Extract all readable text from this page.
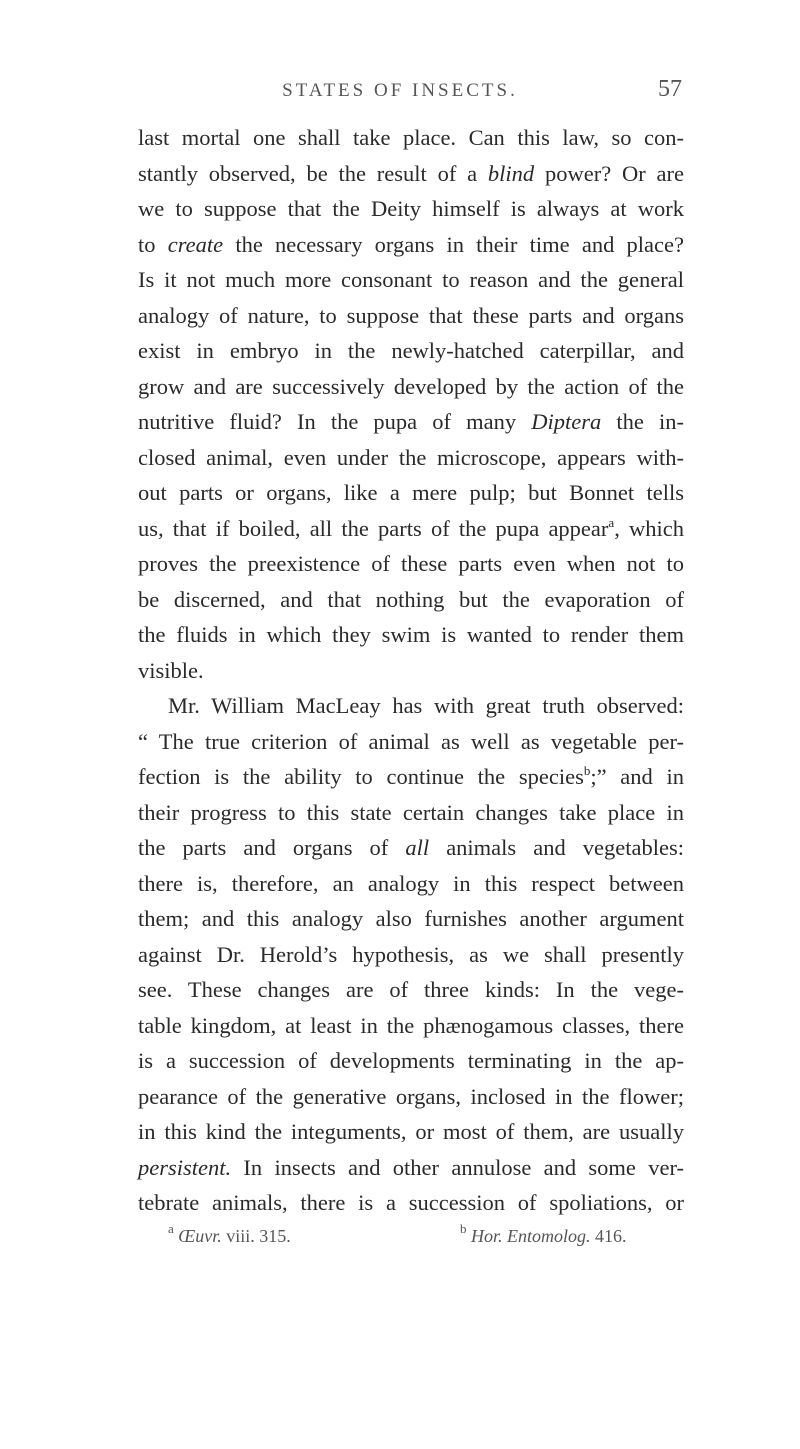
STATES OF INSECTS.	57
last mortal one shall take place. Can this law, so con-
stantly observed, be the result of a blind power? Or are
we to suppose that the Deity himself is always at work
to create the necessary organs in their time and place?
Is it not much more consonant to reason and the general
analogy of nature, to suppose that these parts and organs
exist in embryo in the newly-hatched caterpillar, and
grow and are successively developed by the action of the
nutritive fluid? In the pupa of many Diptera the in-
closed animal, even under the microscope, appears with-
out parts or organs, like a mere pulp; but Bonnet tells
us, that if boiled, all the parts of the pupa appear$^a$, which
proves the preexistence of these parts even when not to
be discerned, and that nothing but the evaporation of
the fluids in which they swim is wanted to render them
visible.
Mr. William MacLeay has with great truth observed:
“ The true criterion of animal as well as vegetable per-
fection is the ability to continue the species$^b$;” and in
their progress to this state certain changes take place in
the parts and organs of all animals and vegetables:
there is, therefore, an analogy in this respect between
them; and this analogy also furnishes another argument
against Dr. Herold’s hypothesis, as we shall presently
see. These changes are of three kinds: In the vege-
table kingdom, at least in the phænogamous classes, there
is a succession of developments terminating in the ap-
pearance of the generative organs, inclosed in the flower;
in this kind the integuments, or most of them, are usually
persistent. In insects and other annulose and some ver-
tebrate animals, there is a succession of spoliations, or
$^a$ Œuvr. viii. 315.	$^b$ Hor. Entomolog. 416.
